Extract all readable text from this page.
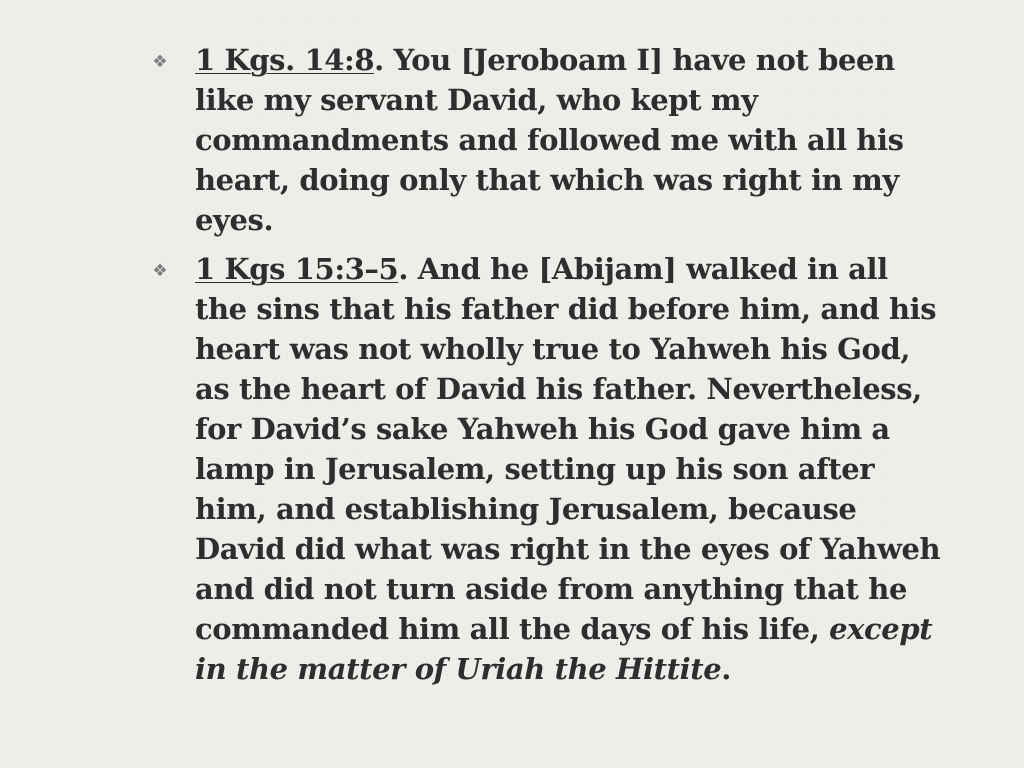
❖ 1 Kgs. 14:8. You [Jeroboam I] have not been like my servant David, who kept my commandments and followed me with all his heart, doing only that which was right in my eyes.

❖ 1 Kgs 15:3–5. And he [Abijam] walked in all the sins that his father did before him, and his heart was not wholly true to Yahweh his God, as the heart of David his father. Nevertheless, for David’s sake Yahweh his God gave him a lamp in Jerusalem, setting up his son after him, and establishing Jerusalem, because David did what was right in the eyes of Yahweh and did not turn aside from anything that he commanded him all the days of his life, except in the matter of Uriah the Hittite.
